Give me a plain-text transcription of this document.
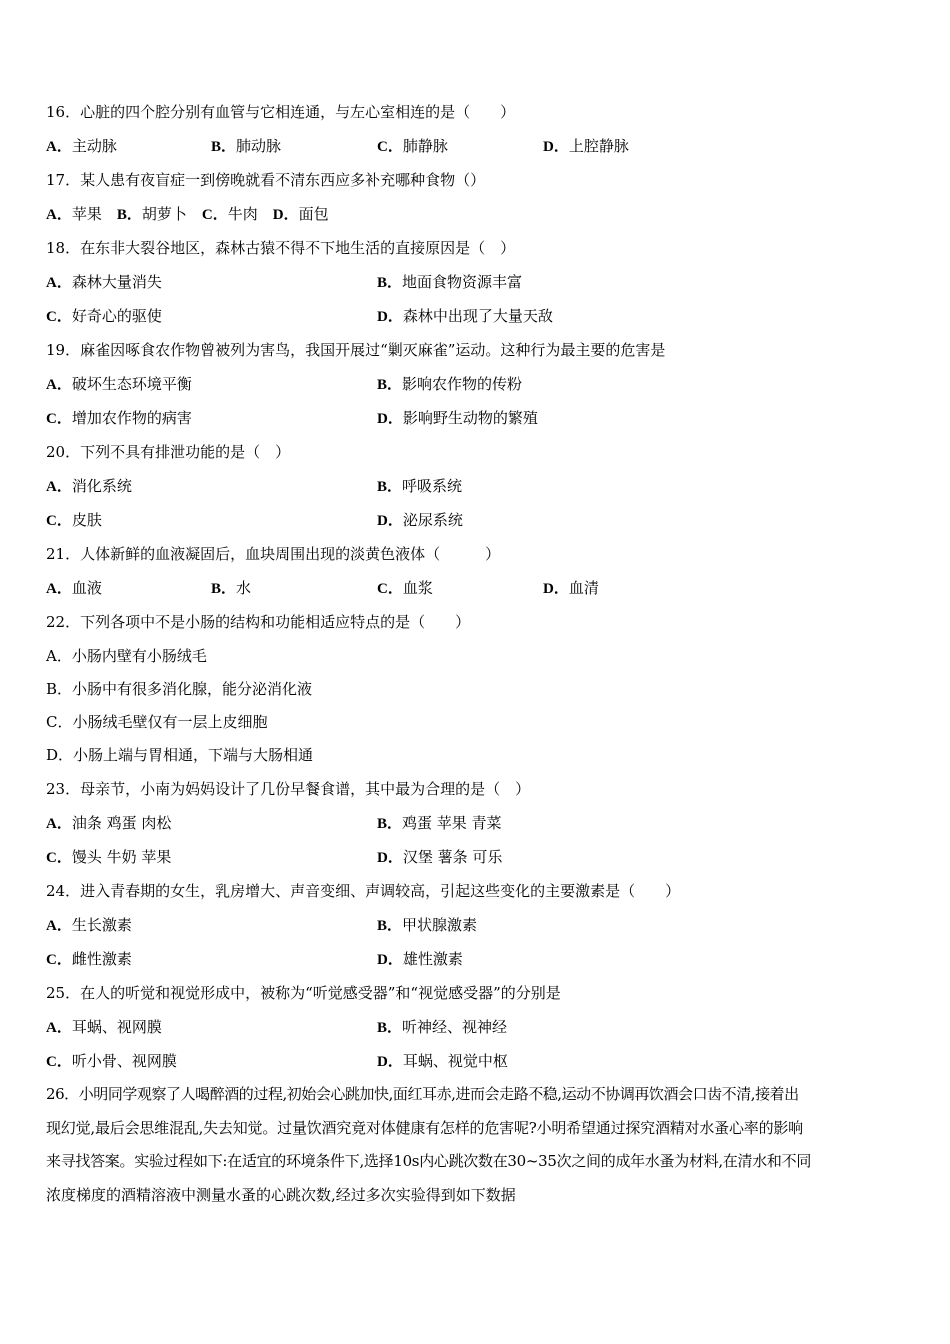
16．心脏的四个腔分别有血管与它相连通，与左心室相连的是（　　）
A．主动脉	B．肺动脉	C．肺静脉	D．上腔静脉
17．某人患有夜盲症一到傍晚就看不清东西应多补充哪种食物（）
A．苹果　B．胡萝卜　C．牛肉　D．面包
18．在东非大裂谷地区，森林古猿不得不下地生活的直接原因是（　）
A．森林大量消失	B．地面食物资源丰富
C．好奇心的驱使	D．森林中出现了大量天敌
19．麻雀因啄食农作物曾被列为害鸟，我国开展过“剿灭麻雀”运动。这种行为最主要的危害是
A．破坏生态环境平衡	B．影响农作物的传粉
C．增加农作物的病害	D．影响野生动物的繁殖
20．下列不具有排泄功能的是（　）
A．消化系统	B．呼吸系统
C．皮肤	D．泌尿系统
21．人体新鲜的血液凝固后，血块周围出现的淡黄色液体（　　　）
A．血液	B．水	C．血浆	D．血清
22．下列各项中不是小肠的结构和功能相适应特点的是（　　）
A．小肠内壁有小肠绒毛
B．小肠中有很多消化腺，能分泌消化液
C．小肠绒毛壁仅有一层上皮细胞
D．小肠上端与胃相通，下端与大肠相通
23．母亲节，小南为妈妈设计了几份早餐食谱，其中最为合理的是（　）
A．油条 鸡蛋 肉松	B．鸡蛋 苹果 青菜
C．馒头 牛奶 苹果	D．汉堡 薯条 可乐
24．进入青春期的女生，乳房增大、声音变细、声调较高，引起这些变化的主要激素是（　　）
A．生长激素	B．甲状腺激素
C．雌性激素	D．雄性激素
25．在人的听觉和视觉形成中，被称为“听觉感受器”和“视觉感受器”的分别是
A．耳蜗、视网膜	B．听神经、视神经
C．听小骨、视网膜	D．耳蜗、视觉中枢
26．小明同学观察了人喝醉酒的过程,初始会心跳加快,面红耳赤,进而会走路不稳,运动不协调再饮酒会口齿不清,接着出
现幻觉,最后会思维混乱,失去知觉。过量饮酒究竟对体健康有怎样的危害呢?小明希望通过探究酒精对水蚤心率的影响
来寻找答案。实验过程如下:在适宜的环境条件下,选择10s内心跳次数在30~35次之间的成年水蚤为材料,在清水和不同
浓度梯度的酒精溶液中测量水蚤的心跳次数,经过多次实验得到如下数据
